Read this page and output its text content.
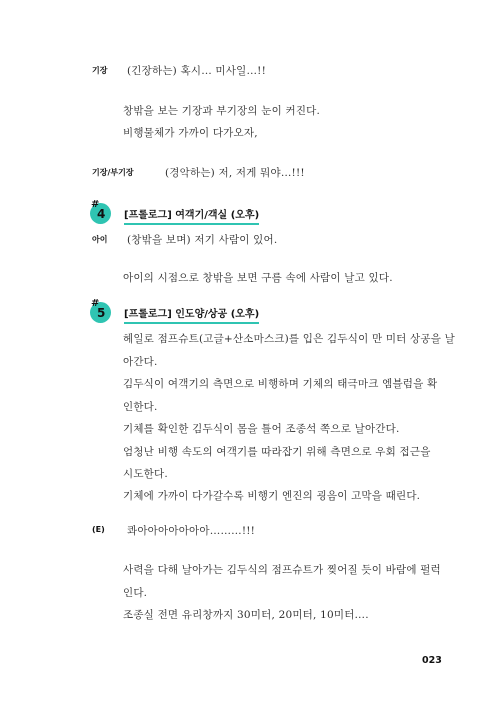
기장 (긴장하는) 혹시… 미사일…!!
창밖을 보는 기장과 부기장의 눈이 커진다.
비행물체가 가까이 다가오자,
기장/부기장	(경악하는) 저, 저게 뭐야…!!!
#
4 [프롤로그] 여객기/객실 (오후)
아이 (창밖을 보며) 저기 사람이 있어.
아이의 시점으로 창밖을 보면 구름 속에 사람이 날고 있다.
#
5 [프롤로그] 인도양/상공 (오후)
헤일로 점프슈트(고글+산소마스크)를 입은 김두식이 만 미터 상공을 날
아간다.
김두식이 여객기의 측면으로 비행하며 기체의 태극마크 엠블럼을 확
인한다.
기체를 확인한 김두식이 몸을 틀어 조종석 쪽으로 날아간다.
엄청난 비행 속도의 여객기를 따라잡기 위해 측면으로 우회 접근을
시도한다.
기체에 가까이 다가갈수록 비행기 엔진의 굉음이 고막을 때린다.
(E) 콰아아아아아아아………!!!
사력을 다해 날아가는 김두식의 점프슈트가 찢어질 듯이 바람에 펄럭
인다.
조종실 전면 유리창까지 30미터, 20미터, 10미터….
023
